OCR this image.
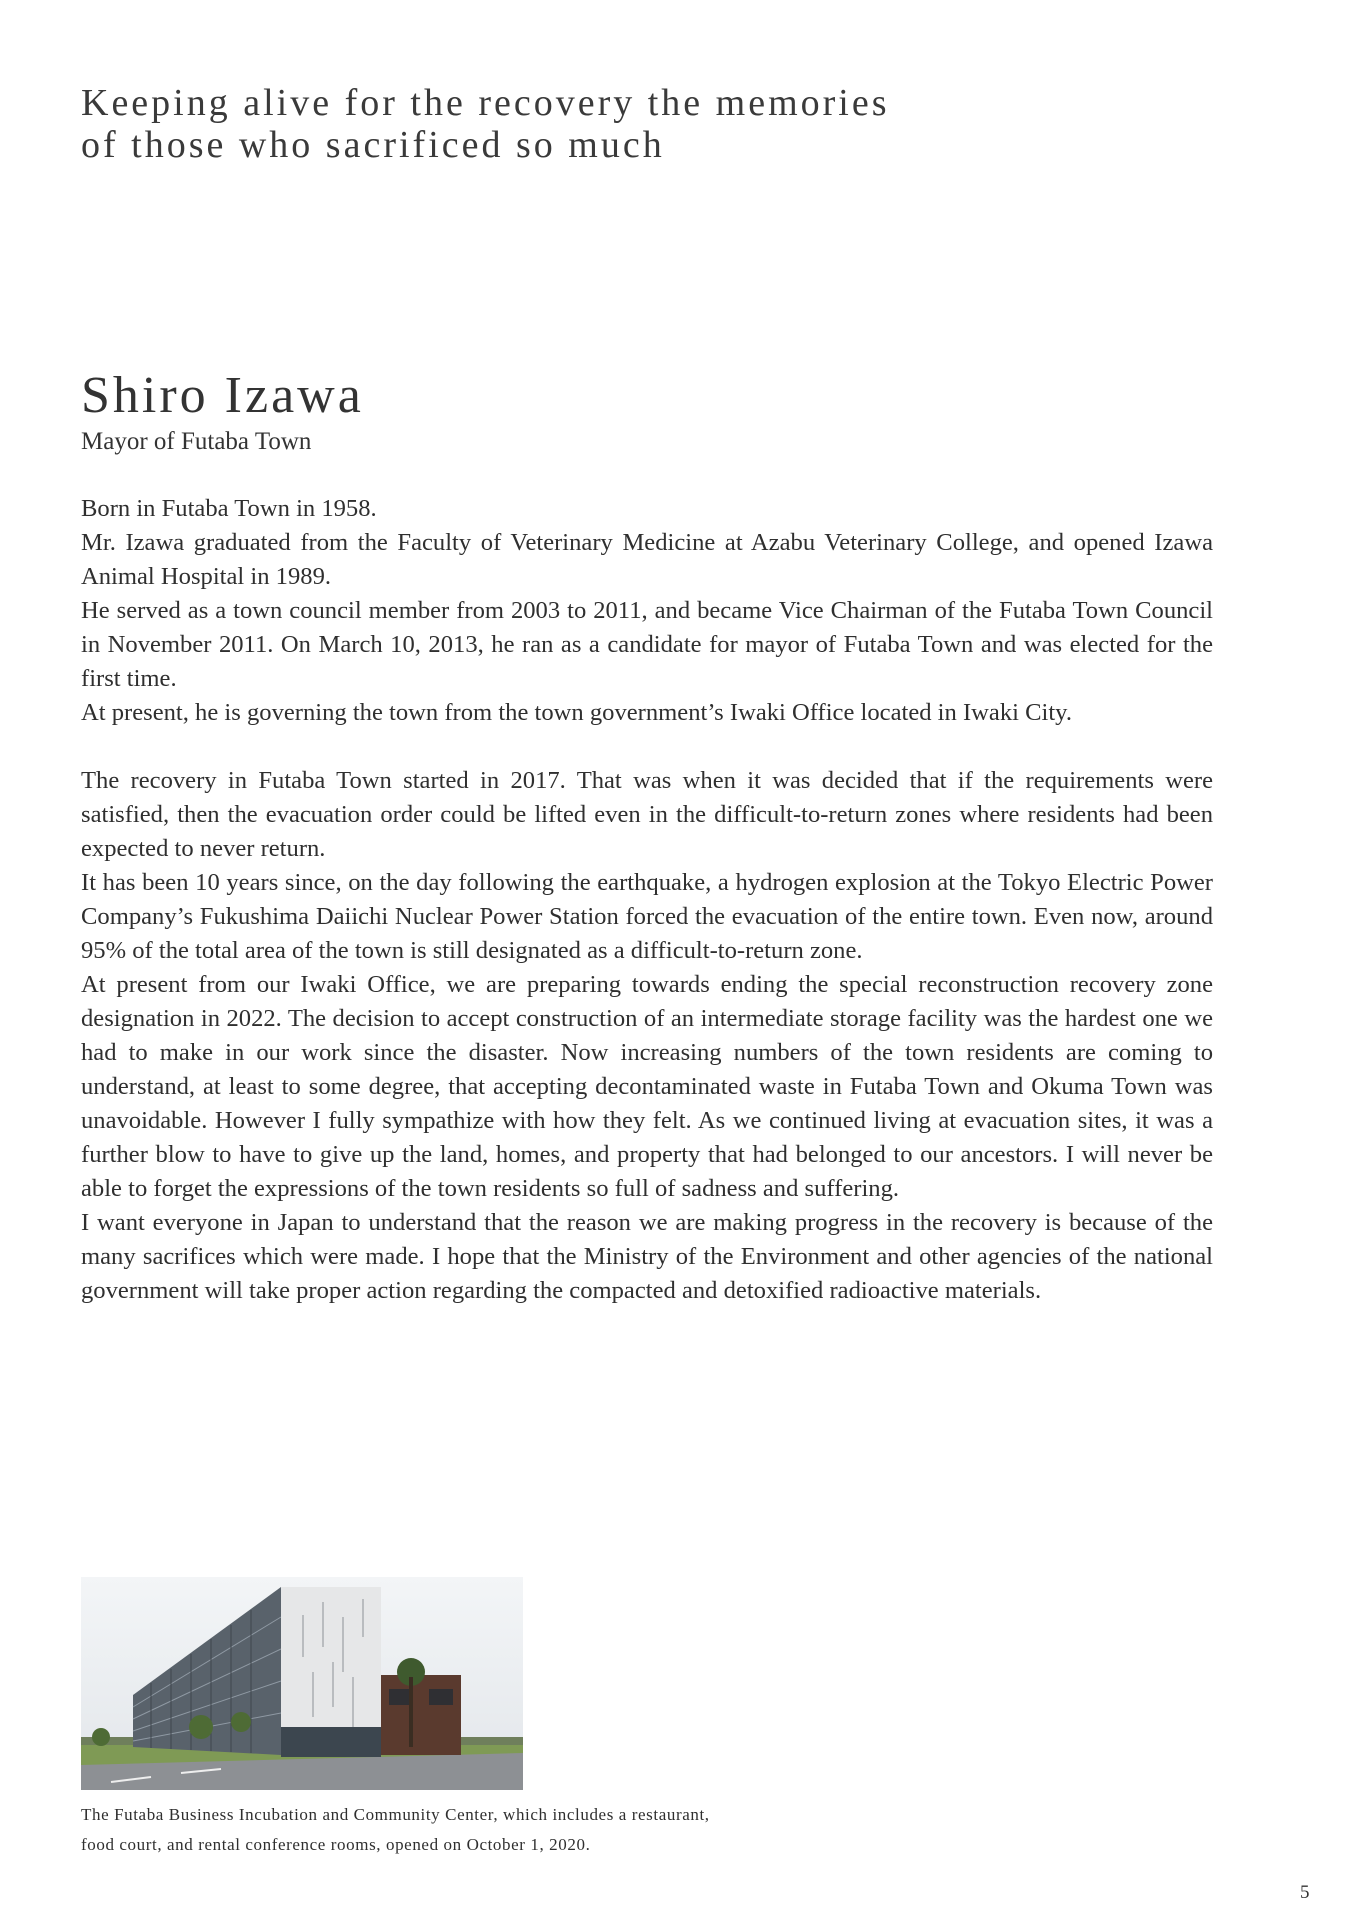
Keeping alive for the recovery the memories
of those who sacrificed so much
Shiro Izawa
Mayor of Futaba Town

Born in Futaba Town in 1958.

Mr. Izawa graduated from the Faculty of Veterinary Medicine at Azabu Veterinary College, and opened Izawa Animal Hospital in 1989.

He served as a town council member from 2003 to 2011, and became Vice Chairman of the Futaba Town Council in November 2011. On March 10, 2013, he ran as a candidate for mayor of Futaba Town and was elected for the first time.

At present, he is governing the town from the town government’s Iwaki Office located in Iwaki City.

The recovery in Futaba Town started in 2017. That was when it was decided that if the requirements were satisfied, then the evacuation order could be lifted even in the difficult-to-return zones where residents had been expected to never return.

It has been 10 years since, on the day following the earthquake, a hydrogen explosion at the Tokyo Electric Power Company’s Fukushima Daiichi Nuclear Power Station forced the evacuation of the entire town. Even now, around 95% of the total area of the town is still designated as a difficult-to-return zone.

At present from our Iwaki Office, we are preparing towards ending the special reconstruction recovery zone designation in 2022. The decision to accept construction of an intermediate storage facility was the hardest one we had to make in our work since the disaster. Now increasing numbers of the town residents are coming to understand, at least to some degree, that accepting decontaminated waste in Futaba Town and Okuma Town was unavoidable. However I fully sympathize with how they felt. As we continued living at evacuation sites, it was a further blow to have to give up the land, homes, and property that had belonged to our ancestors. I will never be able to forget the expressions of the town residents so full of sadness and suffering.

I want everyone in Japan to understand that the reason we are making progress in the recovery is because of the many sacrifices which were made. I hope that the Ministry of the Environment and other agencies of the national government will take proper action regarding the compacted and detoxified radioactive materials.

The Futaba Business Incubation and Community Center, which includes a restaurant,
food court, and rental conference rooms, opened on October 1, 2020.
5
